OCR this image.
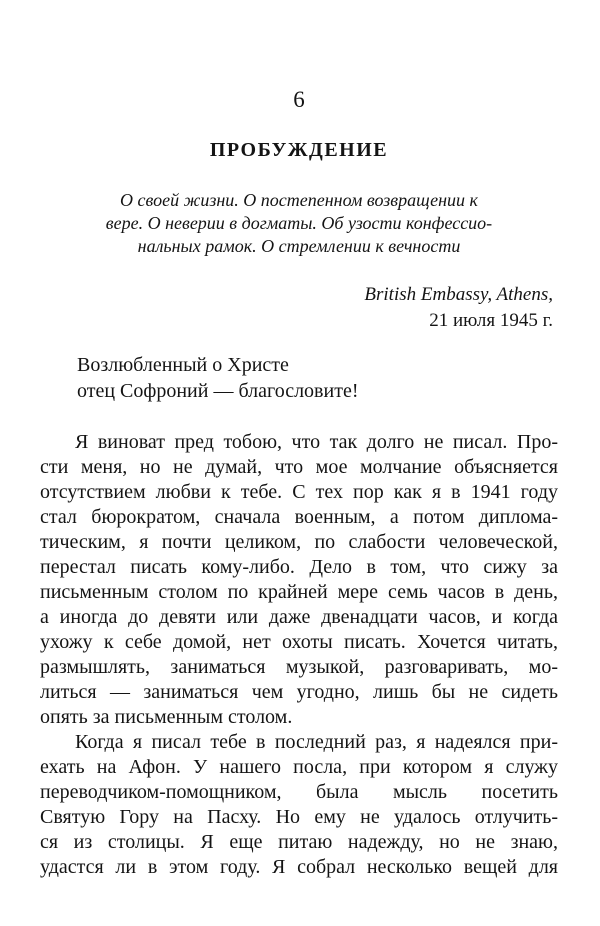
6
ПРОБУЖДЕНИЕ
О своей жизни. О постепенном возвращении к
вере. О неверии в догматы. Об узости конфессио-
нальных рамок. О стремлении к вечности
British Embassy, Athens,
21 июля 1945 г.
Возлюбленный о Христе
отец Софроний — благословите!
Я виноват пред тобою, что так долго не писал. Про-
сти меня, но не думай, что мое молчание объясняется
отсутствием любви к тебе. С тех пор как я в 1941 году
стал бюрократом, сначала военным, а потом диплома-
тическим, я почти целиком, по слабости человеческой,
перестал писать кому-либо. Дело в том, что сижу за
письменным столом по крайней мере семь часов в день,
а иногда до девяти или даже двенадцати часов, и когда
ухожу к себе домой, нет охоты писать. Хочется читать,
размышлять, заниматься музыкой, разговаривать, мо-
литься — заниматься чем угодно, лишь бы не сидеть
опять за письменным столом.
Когда я писал тебе в последний раз, я надеялся при-
ехать на Афон. У нашего посла, при котором я служу
переводчиком-помощником, была мысль посетить
Святую Гору на Пасху. Но ему не удалось отлучить-
ся из столицы. Я еще питаю надежду, но не знаю,
удастся ли в этом году. Я собрал несколько вещей для
